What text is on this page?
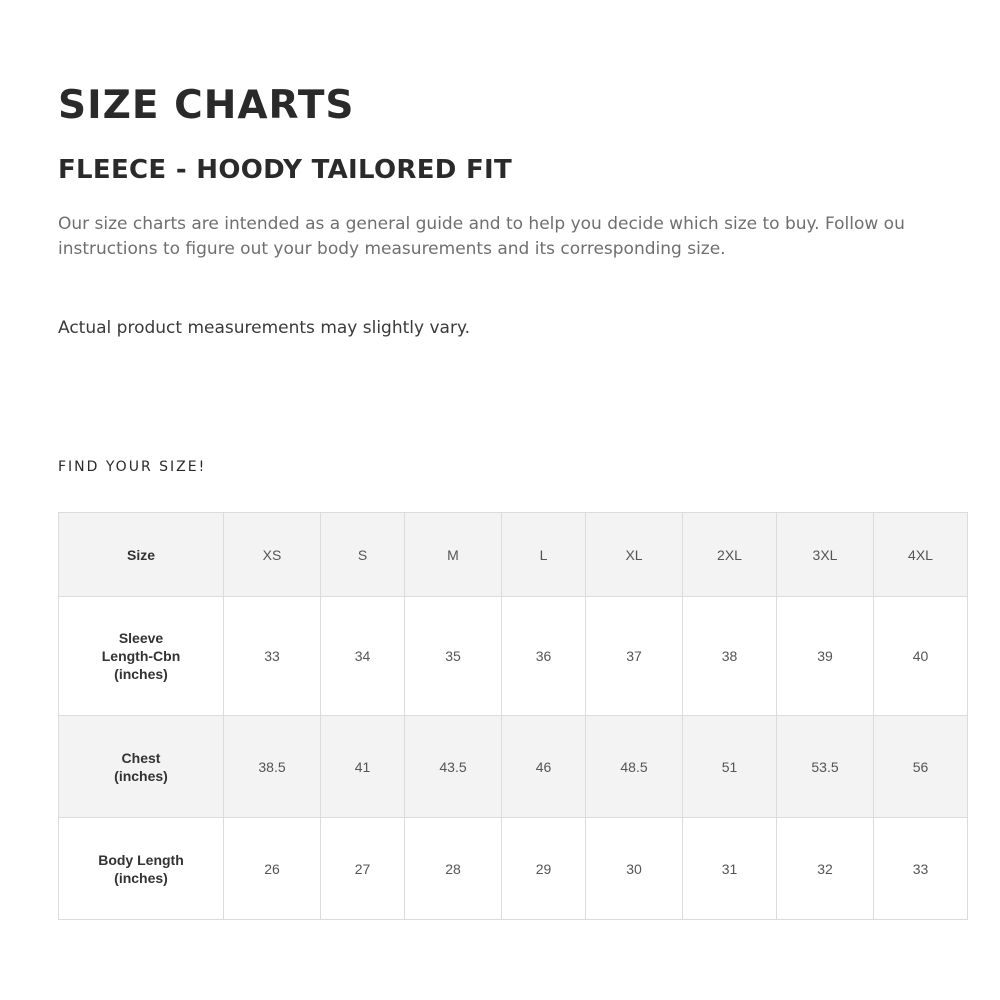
SIZE CHARTS
FLEECE - HOODY TAILORED FIT

Our size charts are intended as a general guide and to help you decide which size to buy. Follow ou
instructions to figure out your body measurements and its corresponding size.

Actual product measurements may slightly vary.

FIND YOUR SIZE!
Size	XS	S	M	L	XL	2XL	3XL	4XL

Sleeve
Length-Cbn
(inches)	33	34	35	36	37	38	39	40

Chest
(inches)	38.5	41	43.5	46	48.5	51	53.5	56

Body Length
(inches)	26	27	28	29	30	31	32	33
